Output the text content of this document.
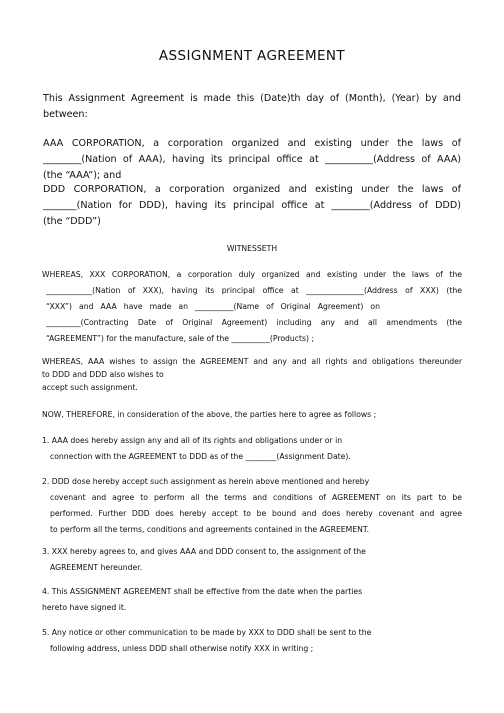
ASSIGNMENT AGREEMENT
This Assignment Agreement is made this (Date)th day of (Month), (Year) by and
between:
AAA CORPORATION, a corporation organized and existing under the laws of
________(Nation of AAA), having its principal office at __________(Address of AAA)
(the “AAA”); and
DDD CORPORATION, a corporation organized and existing under the laws of
_______(Nation for DDD), having its principal office at ________(Address of DDD)
(the “DDD”)
WITNESSETH
WHEREAS, XXX CORPORATION, a corporation duly organized and existing under the laws of the
____________(Nation of XXX), having its principal office at _______________(Address of XXX) (the
“XXX”) and AAA have made an __________(Name of Original Agreement) on
_________(Contracting Date of Original Agreement) including any and all amendments (the
“AGREEMENT”) for the manufacture, sale of the __________(Products) ;
WHEREAS, AAA wishes to assign the AGREEMENT and any and all rights and obligations thereunder
to DDD and DDD also wishes to
accept such assignment.
NOW, THEREFORE, in consideration of the above, the parties here to agree as follows ;
1. AAA does hereby assign any and all of its rights and obligations under or in
connection with the AGREEMENT to DDD as of the ________(Assignment Date).
2. DDD dose hereby accept such assignment as herein above mentioned and hereby
covenant and agree to perform all the terms and conditions of AGREEMENT on its part to be
performed. Further DDD does hereby accept to be bound and does hereby covenant and agree
to perform all the terms, conditions and agreements contained in the AGREEMENT.
3. XXX hereby agrees to, and gives AAA and DDD consent to, the assignment of the
AGREEMENT hereunder.
4. This ASSIGNMENT AGREEMENT shall be effective from the date when the parties
hereto have signed it.
5. Any notice or other communication to be made by XXX to DDD shall be sent to the
following address, unless DDD shall otherwise notify XXX in writing ;
